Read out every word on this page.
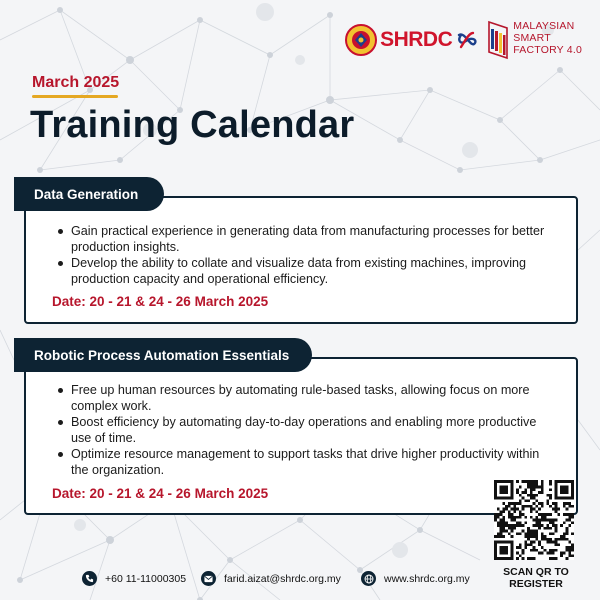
SHRDC
MALAYSIAN
SMART
FACTORY 4.0
March 2025
Training Calendar
Gain practical experience in generating data from manufacturing processes for better production insights.
Develop the ability to collate and visualize data from existing machines, improving production capacity and operational efficiency.
Date: 20 - 21 & 24 - 26 March 2025
Data Generation
Free up human resources by automating rule-based tasks, allowing focus on more complex work.
Boost efficiency by automating day-to-day operations and enabling more productive use of time.
Optimize resource management to support tasks that drive higher productivity within the organization.
Date: 20 - 21 & 24 - 26 March 2025
Robotic Process Automation Essentials
SCAN QR TO
REGISTER
+60 11-11000305	farid.aizat@shrdc.org.my	www.shrdc.org.my
